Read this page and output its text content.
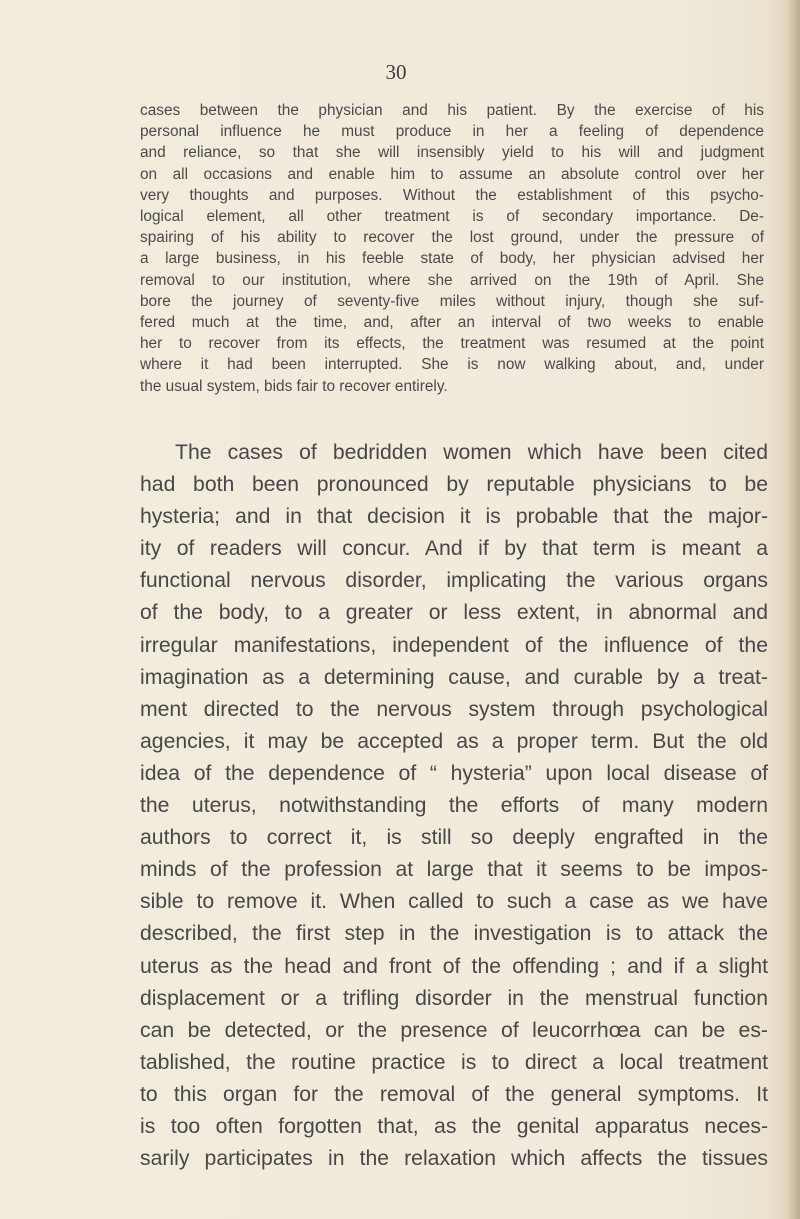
30
cases between the physician and his patient. By the exercise of his
personal influence he must produce in her a feeling of dependence
and reliance, so that she will insensibly yield to his will and judgment
on all occasions and enable him to assume an absolute control over her
very thoughts and purposes. Without the establishment of this psycho-
logical element, all other treatment is of secondary importance. De-
spairing of his ability to recover the lost ground, under the pressure of
a large business, in his feeble state of body, her physician advised her
removal to our institution, where she arrived on the 19th of April. She
bore the journey of seventy-five miles without injury, though she suf-
fered much at the time, and, after an interval of two weeks to enable
her to recover from its effects, the treatment was resumed at the point
where it had been interrupted. She is now walking about, and, under
the usual system, bids fair to recover entirely.
The cases of bedridden women which have been cited
had both been pronounced by reputable physicians to be
hysteria; and in that decision it is probable that the major-
ity of readers will concur. And if by that term is meant a
functional nervous disorder, implicating the various organs
of the body, to a greater or less extent, in abnormal and
irregular manifestations, independent of the influence of the
imagination as a determining cause, and curable by a treat-
ment directed to the nervous system through psychological
agencies, it may be accepted as a proper term. But the old
idea of the dependence of “ hysteria” upon local disease of
the uterus, notwithstanding the efforts of many modern
authors to correct it, is still so deeply engrafted in the
minds of the profession at large that it seems to be impos-
sible to remove it. When called to such a case as we have
described, the first step in the investigation is to attack the
uterus as the head and front of the offending ; and if a slight
displacement or a trifling disorder in the menstrual function
can be detected, or the presence of leucorrhœa can be es-
tablished, the routine practice is to direct a local treatment
to this organ for the removal of the general symptoms. It
is too often forgotten that, as the genital apparatus neces-
sarily participates in the relaxation which affects the tissues
